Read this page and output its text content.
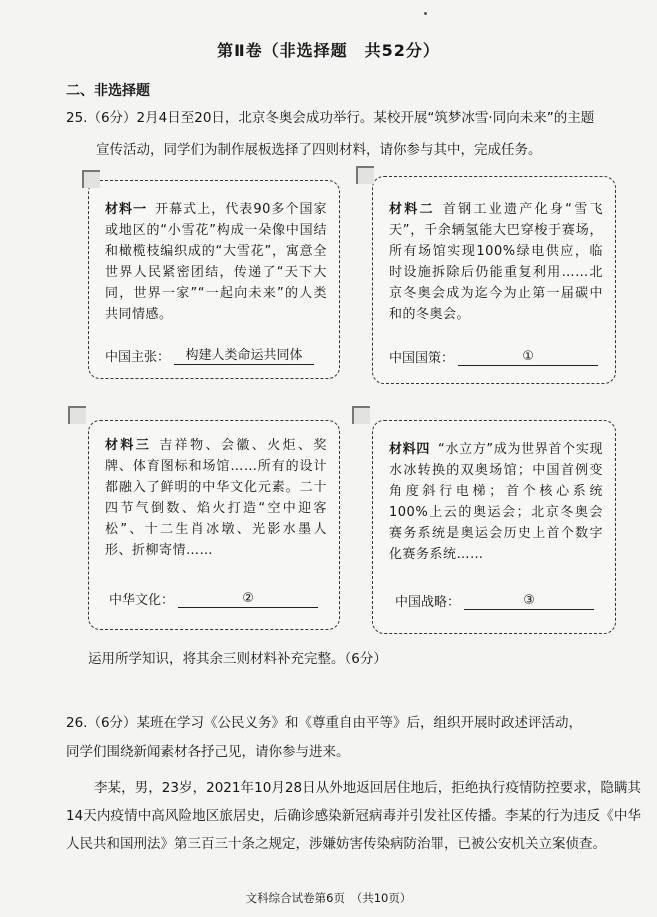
第Ⅱ卷（非选择题　共52分）
二、非选择题
25.（6分）2月4日至20日，北京冬奥会成功举行。某校开展“筑梦冰雪·同向未来”的主题
宣传活动，同学们为制作展板选择了四则材料，请你参与其中，完成任务。
材料一 开幕式上，代表90多个国家或地区的“小雪花”构成一朵像中国结和橄榄枝编织成的“大雪花”，寓意全世界人民紧密团结，传递了“天下大同，世界一家”“一起向未来”的人类共同情感。
中国主张：	构建人类命运共同体
材料二 首钢工业遗产化身“雪飞天”，千余辆氢能大巴穿梭于赛场，所有场馆实现100%绿电供应，临时设施拆除后仍能重复利用……北京冬奥会成为迄今为止第一届碳中和的冬奥会。
中国国策：	①
材料三 吉祥物、会徽、火炬、奖牌、体育图标和场馆……所有的设计都融入了鲜明的中华文化元素。二十四节气倒数、焰火打造“空中迎客松”、十二生肖冰墩、光影水墨人形、折柳寄情……
中华文化：	②
材料四 “水立方”成为世界首个实现水冰转换的双奥场馆；中国首例变角度斜行电梯；首个核心系统100%上云的奥运会；北京冬奥会赛务系统是奥运会历史上首个数字化赛务系统……
中国战略：	③
运用所学知识，将其余三则材料补充完整。（6分）
26.（6分）某班在学习《公民义务》和《尊重自由平等》后，组织开展时政述评活动，
同学们围绕新闻素材各抒己见，请你参与进来。
李某，男，23岁，2021年10月28日从外地返回居住地后，拒绝执行疫情防控要求，隐瞒其14天内疫情中高风险地区旅居史，后确诊感染新冠病毒并引发社区传播。李某的行为违反《中华人民共和国刑法》第三百三十条之规定，涉嫌妨害传染病防治罪，已被公安机关立案侦查。
文科综合试卷第6页　（共10页）
